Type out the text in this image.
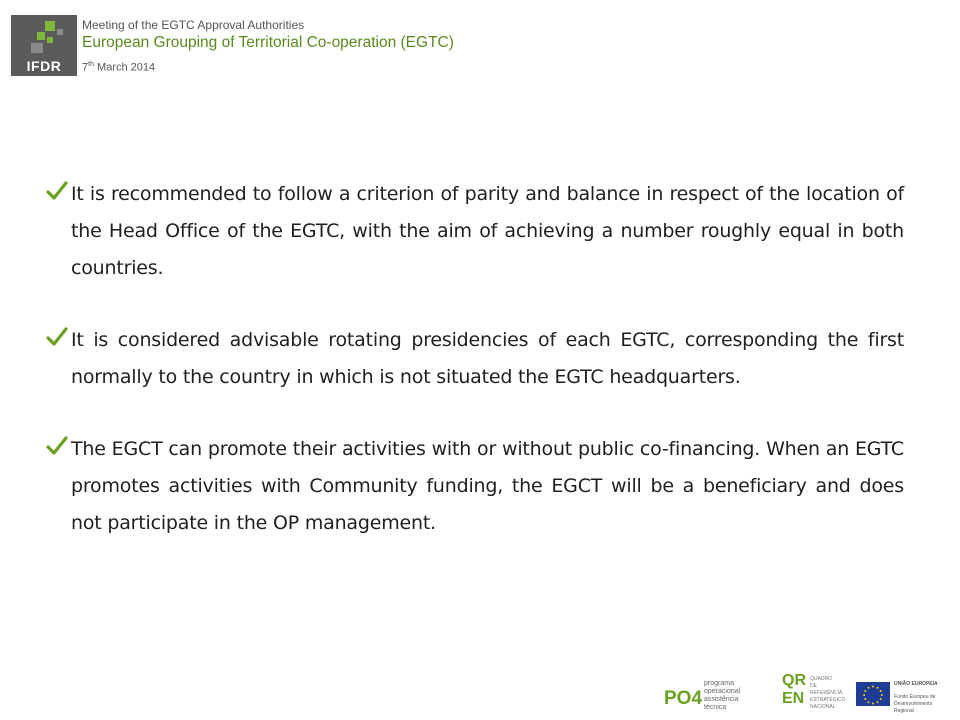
IFDR
Meeting of the EGTC Approval Authorities
European Grouping of Territorial Co-operation (EGTC)
7th March 2014

It is recommended to follow a criterion of parity and balance in respect of the location of the Head Office of the EGTC, with the aim of achieving a number roughly equal in both countries.

It is considered advisable rotating presidencies of each EGTC, corresponding the first normally to the country in which is not situated the EGTC headquarters.

The EGCT can promote their activities with or without public co-financing. When an EGTC promotes activities with Community funding, the EGCT will be a beneficiary and does not participate in the OP management.

PO4
programa
operacional
assistência
técnica
QR
EN
QUADRO
DE REFERÊNCIA
ESTRATÉGICO
NACIONAL
UNIÃO EUROPEIA
Fundo Europeu de
Desenvolvimento Regional
